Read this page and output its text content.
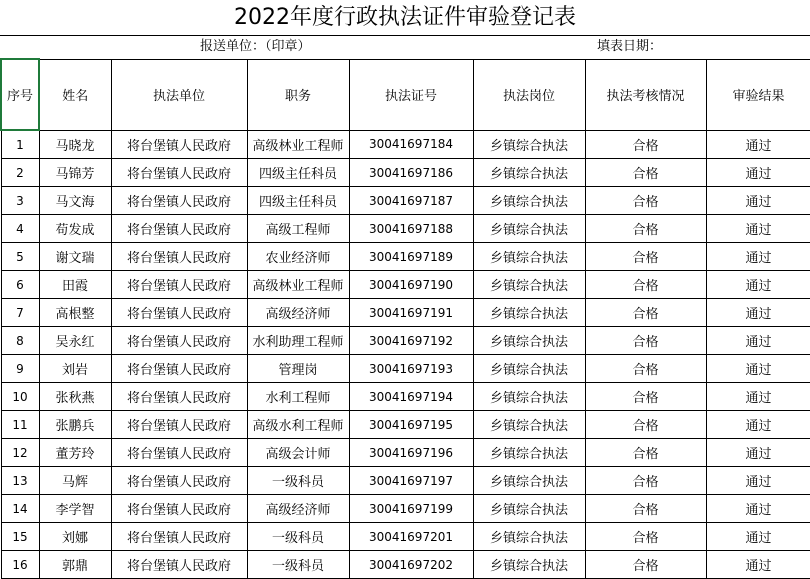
2022年度行政执法证件审验登记表
报送单位：（印章）	填表日期：
序号	姓名	执法单位	职务	执法证号	执法岗位	执法考核情况	审验结果
1	马晓龙	将台堡镇人民政府	高级林业工程师	30041697184	乡镇综合执法	合格	通过
2	马锦芳	将台堡镇人民政府	四级主任科员	30041697186	乡镇综合执法	合格	通过
3	马文海	将台堡镇人民政府	四级主任科员	30041697187	乡镇综合执法	合格	通过
4	苟发成	将台堡镇人民政府	高级工程师	30041697188	乡镇综合执法	合格	通过
5	谢文瑞	将台堡镇人民政府	农业经济师	30041697189	乡镇综合执法	合格	通过
6	田霞	将台堡镇人民政府	高级林业工程师	30041697190	乡镇综合执法	合格	通过
7	高根整	将台堡镇人民政府	高级经济师	30041697191	乡镇综合执法	合格	通过
8	吴永红	将台堡镇人民政府	水利助理工程师	30041697192	乡镇综合执法	合格	通过
9	刘岩	将台堡镇人民政府	管理岗	30041697193	乡镇综合执法	合格	通过
10	张秋燕	将台堡镇人民政府	水利工程师	30041697194	乡镇综合执法	合格	通过
11	张鹏兵	将台堡镇人民政府	高级水利工程师	30041697195	乡镇综合执法	合格	通过
12	董芳玲	将台堡镇人民政府	高级会计师	30041697196	乡镇综合执法	合格	通过
13	马辉	将台堡镇人民政府	一级科员	30041697197	乡镇综合执法	合格	通过
14	李学智	将台堡镇人民政府	高级经济师	30041697199	乡镇综合执法	合格	通过
15	刘娜	将台堡镇人民政府	一级科员	30041697201	乡镇综合执法	合格	通过
16	郭鼎	将台堡镇人民政府	一级科员	30041697202	乡镇综合执法	合格	通过
